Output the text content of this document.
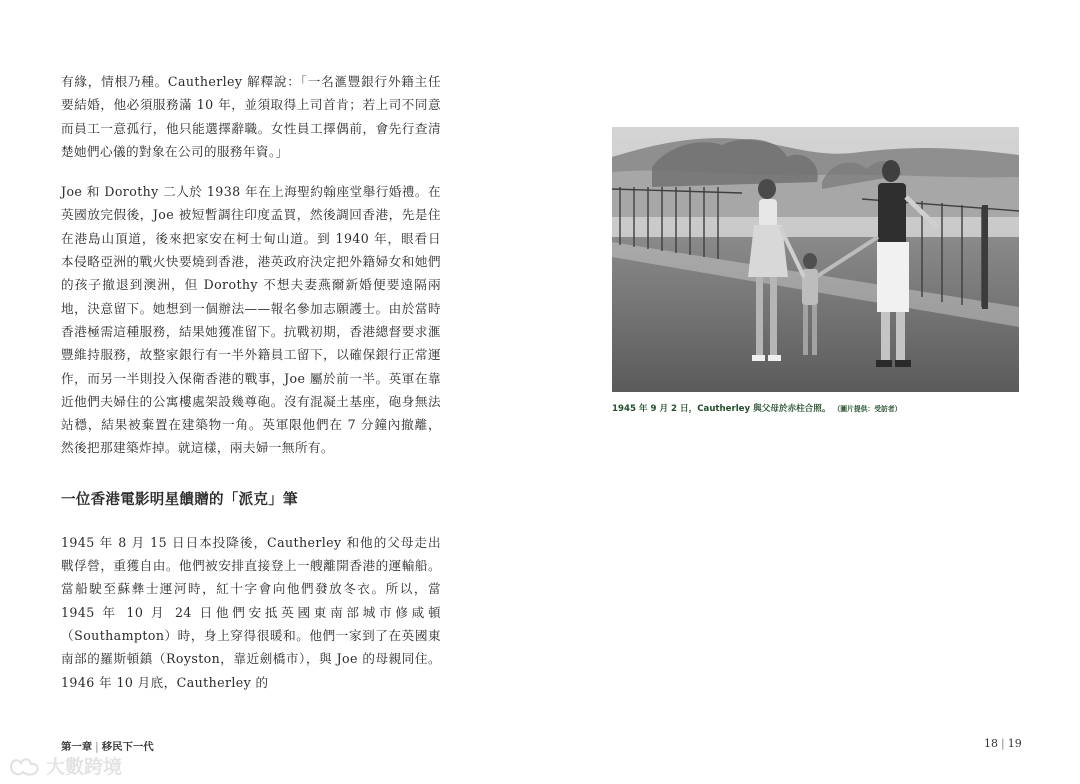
有緣，情根乃種。Cautherley 解釋說：「一名滙豐銀行外籍主任要結婚，他必須服務滿 10 年，並須取得上司首肯；若上司不同意而員工一意孤行，他只能選擇辭職。女性員工擇偶前，會先行查清楚她們心儀的對象在公司的服務年資。」

Joe 和 Dorothy 二人於 1938 年在上海聖約翰座堂舉行婚禮。在英國放完假後，Joe 被短暫調往印度孟買，然後調回香港，先是住在港島山頂道，後來把家安在柯士甸山道。到 1940 年，眼看日本侵略亞洲的戰火快要燒到香港，港英政府決定把外籍婦女和她們的孩子撤退到澳洲，但 Dorothy 不想夫妻燕爾新婚便要遠隔兩地，決意留下。她想到一個辦法——報名參加志願護士。由於當時香港極需這種服務，結果她獲准留下。抗戰初期，香港總督要求滙豐維持服務，故整家銀行有一半外籍員工留下，以確保銀行正常運作，而另一半則投入保衛香港的戰事，Joe 屬於前一半。英軍在靠近他們夫婦住的公寓樓處架設幾尊砲。沒有混凝土基座，砲身無法站穩，結果被棄置在建築物一角。英軍限他們在 7 分鐘內撤離，然後把那建築炸掉。就這樣，兩夫婦一無所有。

一位香港電影明星饋贈的「派克」筆

1945 年 8 月 15 日日本投降後，Cautherley 和他的父母走出戰俘營，重獲自由。他們被安排直接登上一艘離開香港的運輸船。當船駛至蘇彝士運河時，紅十字會向他們發放冬衣。所以，當 1945 年 10 月 24 日他們安抵英國東南部城市修咸頓（Southampton）時，身上穿得很暖和。他們一家到了在英國東南部的羅斯頓鎮（Royston，靠近劍橋市），與 Joe 的母親同住。1946 年 10 月底，Cautherley 的

1945 年 9 月 2 日，Cautherley 與父母於赤柱合照。 （圖片提供：受訪者）
第一章 | 移民下一代	18 | 19
大數跨境
